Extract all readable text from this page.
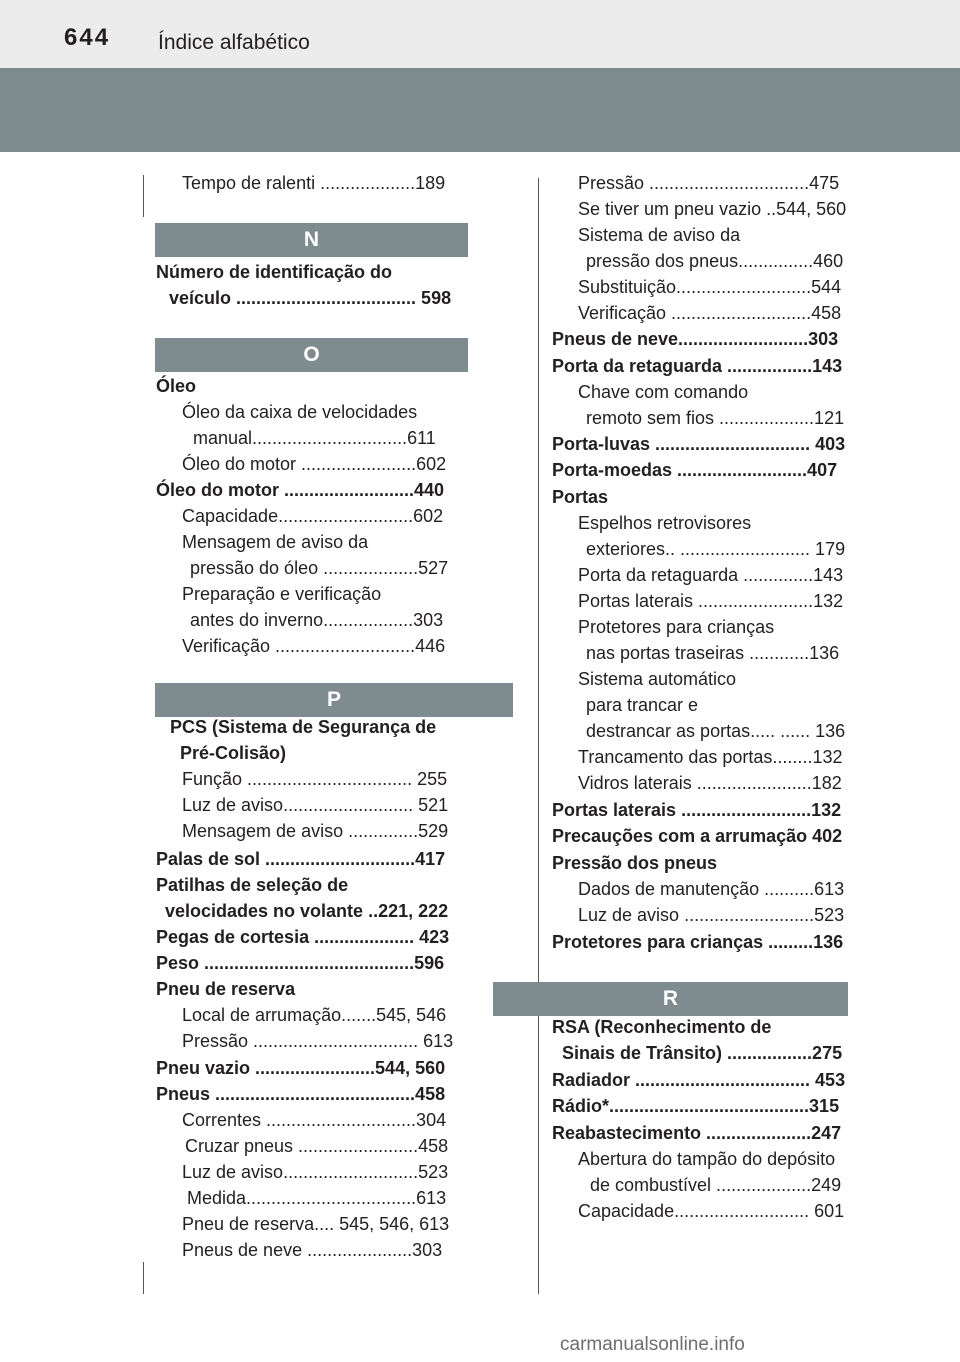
644 Índice alfabético
N
O
P
R
Tempo de ralenti ...................189
Número de identificação do
veículo .................................... 598
Óleo
Óleo da caixa de velocidades
manual...............................611
Óleo do motor .......................602
Óleo do motor ..........................440
Capacidade...........................602
Mensagem de aviso da
pressão do óleo ...................527
Preparação e verificação
antes do inverno..................303
Verificação ............................446
PCS (Sistema de Segurança de
Pré-Colisão)
Função ................................. 255
Luz de aviso.......................... 521
Mensagem de aviso ..............529
Palas de sol ..............................417
Patilhas de seleção de
velocidades no volante ..221, 222
Pegas de cortesia .................... 423
Peso ..........................................596
Pneu de reserva
Local de arrumação.......545, 546
Pressão ................................. 613
Pneu vazio ........................544, 560
Pneus ........................................458
Correntes ..............................304
Cruzar pneus ........................458
Luz de aviso...........................523
Medida..................................613
Pneu de reserva.... 545, 546, 613
Pneus de neve .....................303
Pressão ................................475
Se tiver um pneu vazio ..544, 560
Sistema de aviso da
pressão dos pneus...............460
Substituição...........................544
Verificação ............................458
Pneus de neve..........................303
Porta da retaguarda .................143
Chave com comando
remoto sem fios ...................121
Porta-luvas ............................... 403
Porta-moedas ..........................407
Portas
Espelhos retrovisores
exteriores.. .......................... 179
Porta da retaguarda ..............143
Portas laterais .......................132
Protetores para crianças
nas portas traseiras ............136
Sistema automático
para trancar e
destrancar as portas..... ...... 136
Trancamento das portas........132
Vidros laterais .......................182
Portas laterais ..........................132
Precauções com a arrumação 402
Pressão dos pneus
Dados de manutenção ..........613
Luz de aviso ..........................523
Protetores para crianças .........136
RSA (Reconhecimento de
Sinais de Trânsito) .................275
Radiador ................................... 453
Rádio*........................................315
Reabastecimento .....................247
Abertura do tampão do depósito
de combustível ...................249
Capacidade........................... 601
carmanualsonline.info
